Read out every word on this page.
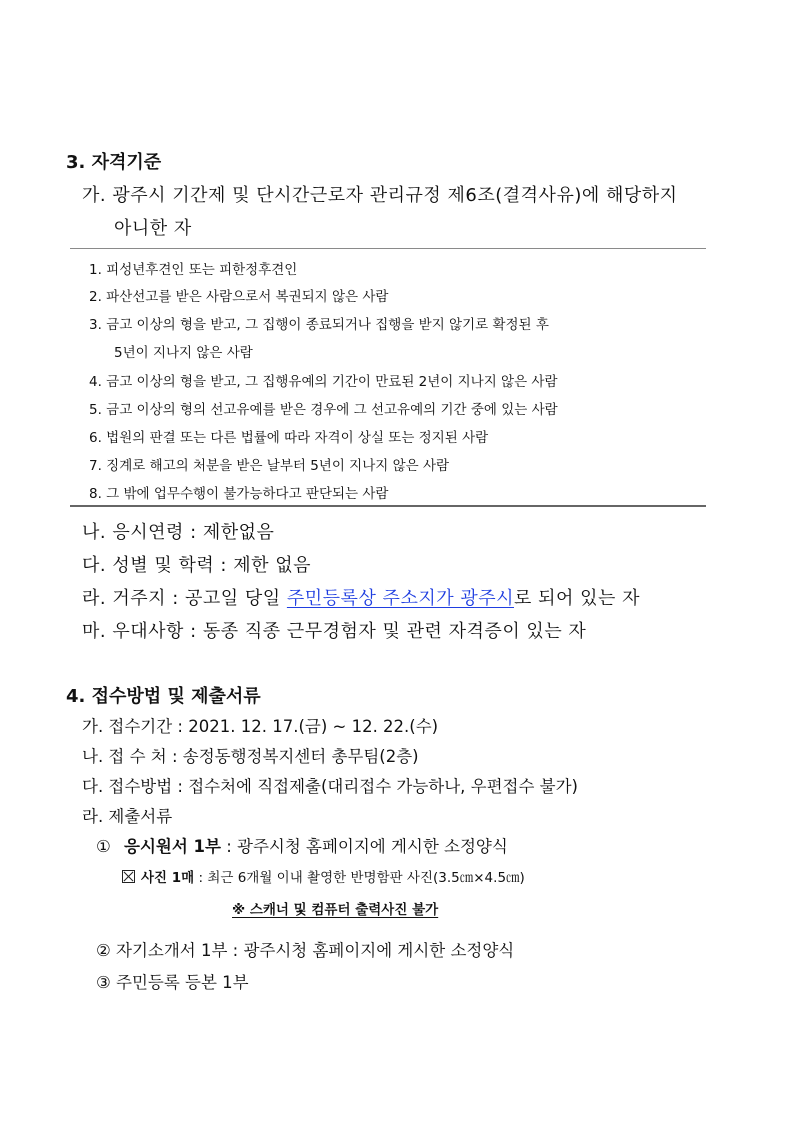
3. 자격기준
가. 광주시 기간제 및 단시간근로자 관리규정 제6조(결격사유)에 해당하지
아니한 자
1. 피성년후견인 또는 피한정후견인
2. 파산선고를 받은 사람으로서 복권되지 않은 사람
3. 금고 이상의 형을 받고, 그 집행이 종료되거나 집행을 받지 않기로 확정된 후
5년이 지나지 않은 사람
4. 금고 이상의 형을 받고, 그 집행유예의 기간이 만료된 2년이 지나지 않은 사람
5. 금고 이상의 형의 선고유예를 받은 경우에 그 선고유예의 기간 중에 있는 사람
6. 법원의 판결 또는 다른 법률에 따라 자격이 상실 또는 정지된 사람
7. 징계로 해고의 처분을 받은 날부터 5년이 지나지 않은 사람
8. 그 밖에 업무수행이 불가능하다고 판단되는 사람
나. 응시연령 : 제한없음
다. 성별 및 학력 : 제한 없음
라. 거주지 : 공고일 당일 주민등록상 주소지가 광주시로 되어 있는 자
마. 우대사항 : 동종 직종 근무경험자 및 관련 자격증이 있는 자
4. 접수방법 및 제출서류
가. 접수기간 : 2021. 12. 17.(금) ~ 12. 22.(수)
나. 접 수 처 : 송정동행정복지센터 총무팀(2층)
다. 접수방법 : 접수처에 직접제출(대리접수 가능하나, 우편접수 불가)
라. 제출서류
① 응시원서 1부 : 광주시청 홈페이지에 게시한 소정양식
사진 1매 : 최근 6개월 이내 촬영한 반명함판 사진(3.5㎝×4.5㎝)
※ 스캐너 및 컴퓨터 출력사진 불가
② 자기소개서 1부 : 광주시청 홈페이지에 게시한 소정양식
③ 주민등록 등본 1부
